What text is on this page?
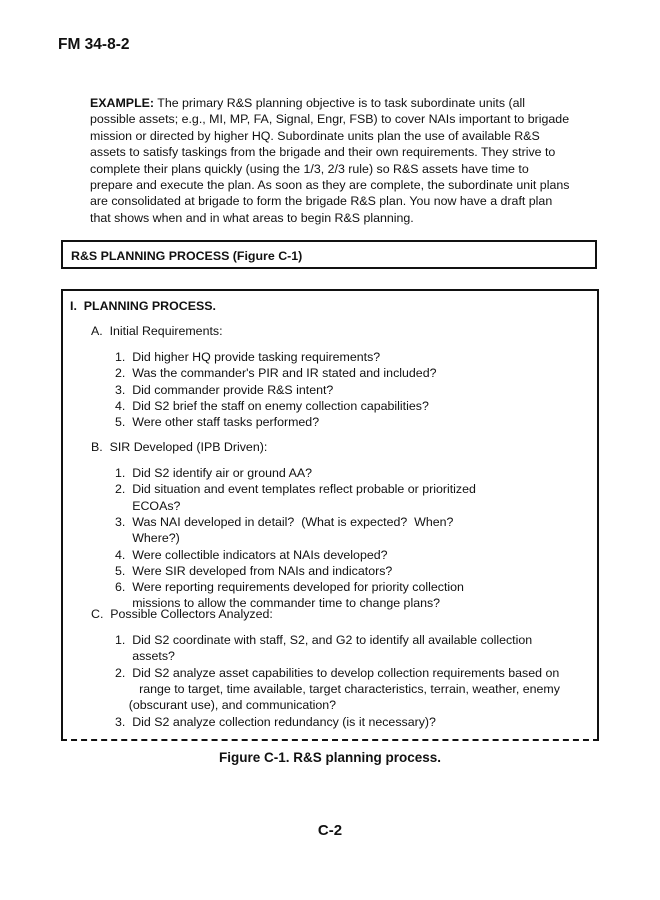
FM 34-8-2
EXAMPLE: The primary R&S planning objective is to task subordinate units (all
possible assets; e.g., MI, MP, FA, Signal, Engr, FSB) to cover NAIs important to brigade
mission or directed by higher HQ. Subordinate units plan the use of available R&S
assets to satisfy taskings from the brigade and their own requirements. They strive to
complete their plans quickly (using the 1/3, 2/3 rule) so R&S assets have time to
prepare and execute the plan. As soon as they are complete, the subordinate unit plans
are consolidated at brigade to form the brigade R&S plan. You now have a draft plan
that shows when and in what areas to begin R&S planning.
R&S PLANNING PROCESS (Figure C-1)
I.  PLANNING PROCESS.
A.  Initial Requirements:
1.  Did higher HQ provide tasking requirements?
2.  Was the commander's PIR and IR stated and included?
3.  Did commander provide R&S intent?
4.  Did S2 brief the staff on enemy collection capabilities?
5.  Were other staff tasks performed?
B.  SIR Developed (IPB Driven):
1.  Did S2 identify air or ground AA?
2.  Did situation and event templates reflect probable or prioritized
ECOAs?
3.  Was NAI developed in detail?  (What is expected?  When?
Where?)
4.  Were collectible indicators at NAIs developed?
5.  Were SIR developed from NAIs and indicators?
6.  Were reporting requirements developed for priority collection
missions to allow the commander time to change plans?
C.  Possible Collectors Analyzed:
1.  Did S2 coordinate with staff, S2, and G2 to identify all available collection
assets?
2.  Did S2 analyze asset capabilities to develop collection requirements based on
range to target, time available, target characteristics, terrain, weather, enemy
(obscurant use), and communication?
3.  Did S2 analyze collection redundancy (is it necessary)?
Figure C-1. R&S planning process.
C-2
